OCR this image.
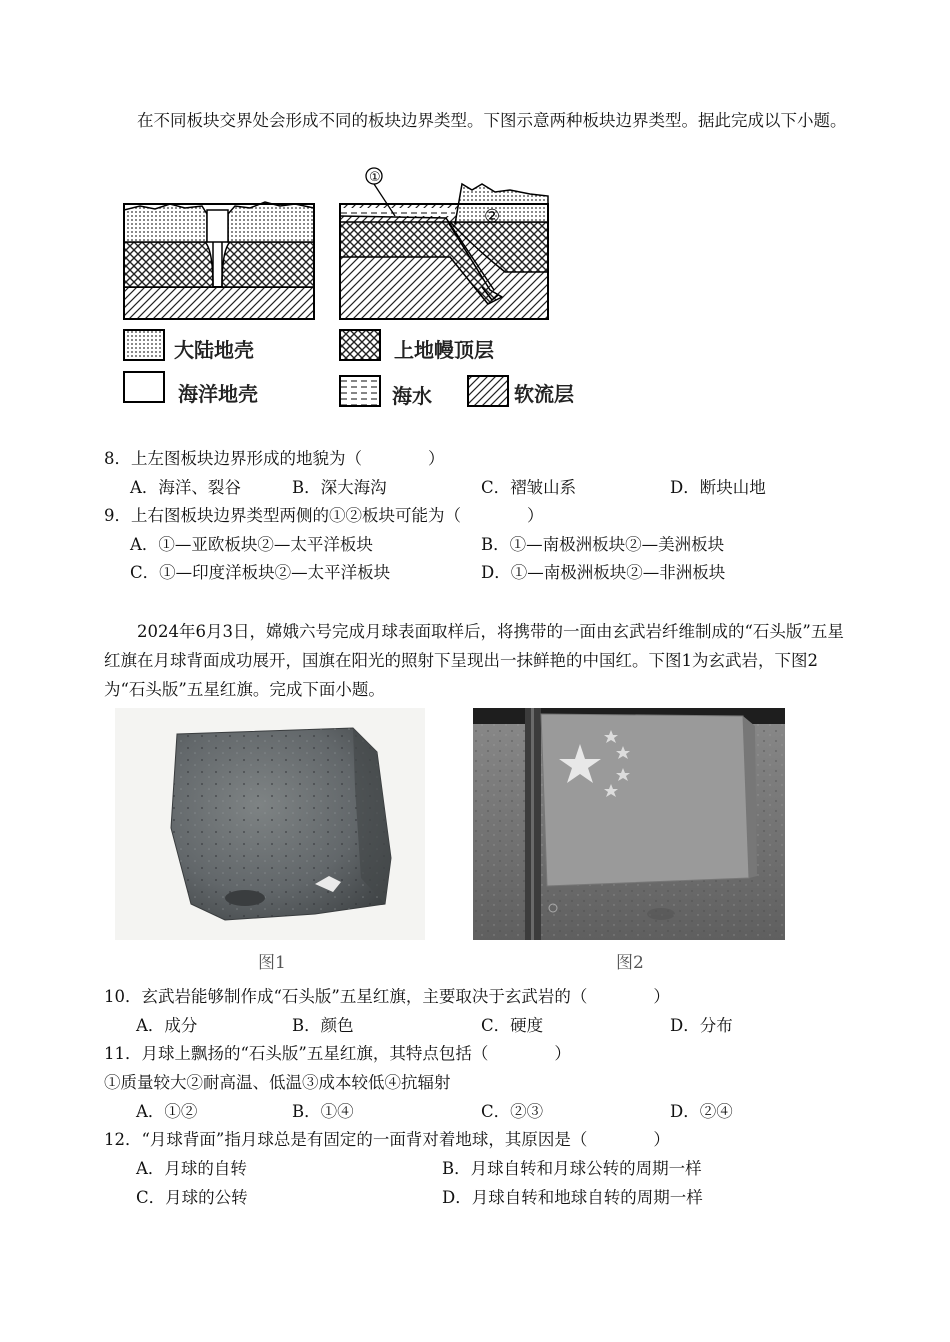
在不同板块交界处会形成不同的板块边界类型。下图示意两种板块边界类型。据此完成以下小题。
①
②
大陆地壳
海洋地壳
上地幔顶层
海水	软流层
8．上左图板块边界形成的地貌为（　　　　）
A．海洋、裂谷	B．深大海沟	C．褶皱山系	D．断块山地
9．上右图板块边界类型两侧的①②板块可能为（　　　　）
A．①—亚欧板块②—太平洋板块	B．①—南极洲板块②—美洲板块
C．①—印度洋板块②—太平洋板块	D．①—南极洲板块②—非洲板块
2024年6月3日，嫦娥六号完成月球表面取样后，将携带的一面由玄武岩纤维制成的“石头版”五星红旗在月球背面成功展开，国旗在阳光的照射下呈现出一抹鲜艳的中国红。下图1为玄武岩，下图2为“石头版”五星红旗。完成下面小题。
图1	图2
10．玄武岩能够制作成“石头版”五星红旗，主要取决于玄武岩的（　　　　）
A．成分	B．颜色	C．硬度	D．分布
11．月球上飘扬的“石头版”五星红旗，其特点包括（　　　　）
①质量较大②耐高温、低温③成本较低④抗辐射
A．①②	B．①④	C．②③	D．②④
12．“月球背面”指月球总是有固定的一面背对着地球，其原因是（　　　　）
A．月球的自转	B．月球自转和月球公转的周期一样
C．月球的公转	D．月球自转和地球自转的周期一样
